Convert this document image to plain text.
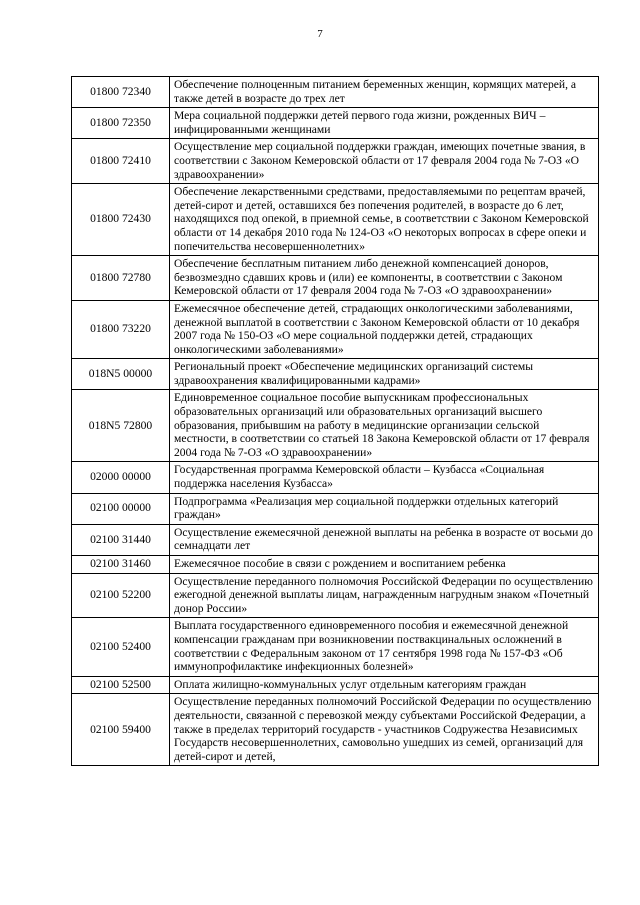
7
01800 72340	Обеспечение полноценным питанием беременных женщин, кормящих матерей, а также детей в возрасте до трех лет
01800 72350	Мера социальной поддержки детей первого года жизни, рожденных ВИЧ – инфицированными женщинами
01800 72410	Осуществление мер социальной поддержки граждан, имеющих почетные звания, в соответствии с Законом Кемеровской области от 17 февраля 2004 года № 7-ОЗ «О здравоохранении»
01800 72430	Обеспечение лекарственными средствами, предоставляемыми по рецептам врачей, детей-сирот и детей, оставшихся без попечения родителей, в возрасте до 6 лет, находящихся под опекой, в приемной семье, в соответствии с Законом Кемеровской области от 14 декабря 2010 года № 124-ОЗ «О некоторых вопросах в сфере опеки и попечительства несовершеннолетних»
01800 72780	Обеспечение бесплатным питанием либо денежной компенсацией доноров, безвозмездно сдавших кровь и (или) ее компоненты, в соответствии с Законом Кемеровской области от 17 февраля 2004 года № 7-ОЗ «О здравоохранении»
01800 73220	Ежемесячное обеспечение детей, страдающих онкологическими заболеваниями, денежной выплатой в соответствии с Законом Кемеровской области от 10 декабря 2007 года № 150-ОЗ «О мере социальной поддержки детей, страдающих онкологическими заболеваниями»
018N5 00000	Региональный проект «Обеспечение медицинских организаций системы здравоохранения квалифицированными кадрами»
018N5 72800	Единовременное социальное пособие выпускникам профессиональных образовательных организаций или образовательных организаций высшего образования, прибывшим на работу в медицинские организации сельской местности, в соответствии со статьей 18 Закона Кемеровской области от 17 февраля 2004 года № 7-ОЗ «О здравоохранении»
02000 00000	Государственная программа Кемеровской области – Кузбасса «Социальная поддержка населения Кузбасса»
02100 00000	Подпрограмма «Реализация мер социальной поддержки отдельных категорий граждан»
02100 31440	Осуществление ежемесячной денежной выплаты на ребенка в возрасте от восьми до семнадцати лет
02100 31460	Ежемесячное пособие в связи с рождением и воспитанием ребенка
02100 52200	Осуществление переданного полномочия Российской Федерации по осуществлению ежегодной денежной выплаты лицам, награжденным нагрудным знаком «Почетный донор России»
02100 52400	Выплата государственного единовременного пособия и ежемесячной денежной компенсации гражданам при возникновении поствакцинальных осложнений в соответствии с Федеральным законом от 17 сентября 1998 года № 157-ФЗ «Об иммунопрофилактике инфекционных болезней»
02100 52500	Оплата жилищно-коммунальных услуг отдельным категориям граждан
02100 59400	Осуществление переданных полномочий Российской Федерации по осуществлению деятельности, связанной с перевозкой между субъектами Российской Федерации, а также в пределах территорий государств - участников Содружества Независимых Государств несовершеннолетних, самовольно ушедших из семей, организаций для детей-сирот и детей,
